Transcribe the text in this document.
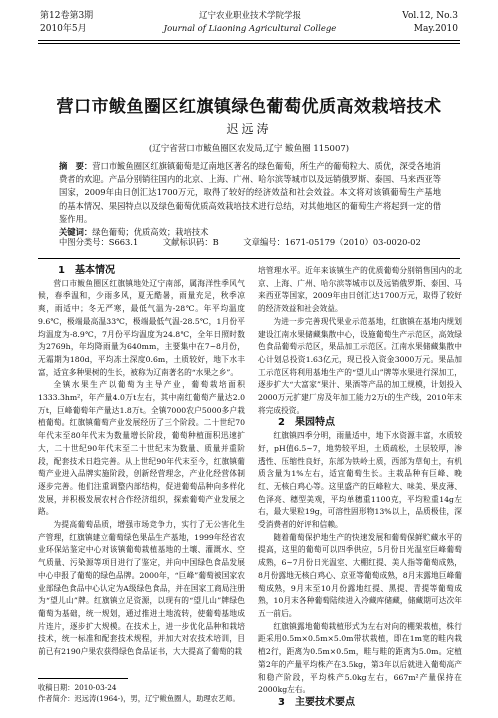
第12卷第3期
2010年5月
辽宁农业职业技术学院学报
Journal of Liaoning Agricultural College
Vol.12, No.3
May.2010
营口市鲅鱼圈区红旗镇绿色葡萄优质高效栽培技术
迟远涛
(辽宁省营口市鲅鱼圈区农发局,辽宁 鲅鱼圈 115007)
摘　要：营口市鲅鱼圈区红旗镇葡萄是辽南地区著名的绿色葡萄，所生产的葡萄粒大、质优，深受各地消费者的欢迎。产品分别销往国内的北京、上海、广州、哈尔滨等城市以及远销俄罗斯、泰国、马来西亚等国家，2009年由日创汇达1700万元，取得了较好的经济效益和社会效益。本文将对该镇葡萄生产基地的基本情况、果园特点以及绿色葡萄优质高效栽培技术进行总结，对其他地区的葡萄生产将起到一定的借鉴作用。
关键词：绿色葡萄；优质高效；栽培技术
中图分类号：S663.1	文献标识码：B	文章编号：1671-05179（2010）03-0020-02

1　基本情况

营口市鲅鱼圈区红旗镇地处辽宁南部，属海洋性季风气候，春季温和，少雨多风，夏无酷暑，雨量充足，秋季凉爽，雨适中；冬无严寒，最低气温为-28℃。年平均温度9.6℃，极端最高温33℃，极端最低气温-28.5℃，1月份平均温度为-8.9℃，7月份平均温度为24.8℃，全年日照时数为2769h，年均降雨量为640mm，主要集中在7~8月份，无霜期为180d，平均冻土深度0.6m，土质较好，地下水丰富，适宜多种果树的生长，被称为辽南著名的“水果之乡”。

全镇水果生产以葡萄为主导产业，葡萄栽培面积1333.3hm²，年产量4.0万t左右，其中南红葡萄产量达2.0万t，巨峰葡萄年产量达1.8万t。全镇7000农户5000多户栽植葡萄。红旗镇葡萄产业发展经历了三个阶段。二十世纪70年代末至80年代末为数量增长阶段，葡萄种植面积迅速扩大，二十世纪90年代末至二十世纪末为数量、质量并重阶段，配套技术日趋完善。从上世纪90年代末至今，红旗镇葡萄产业进入品牌实施阶段，创新经营理念，产业化经营体制逐步完善。他们注重调整内部结构，促进葡萄品种向多样化发展，并积极发展农村合作经济组织，探索葡萄产业发展之路。

为提高葡萄品质，增强市场竞争力，实行了无公害化生产管理，红旗镇建立葡萄绿色果品生产基地，1999年经省农业环保站鉴定中心对该镇葡萄栽植基地的土壤、灌溉水、空气质量、污染源等项目进行了鉴定，并向中国绿色食品发展中心申报了葡萄的绿色品牌。2000年，“巨峰”葡萄被国家农业部绿色食品中心认定为A级绿色食品，并在国家工商局注册为“望儿山”牌。红旗镇立足资源，以现有的“望儿山”牌绿色葡萄为基础，统一规划，通过推进土地流转，使葡萄基地成片连片，逐步扩大规模。在技术上，进一步优化品种和栽培技术，统一标准和配套技术规程，并加大对农技术培训，目前已有2190户果农获得绿色食品证书，大大提高了葡萄的栽

培管理水平。近年来该镇生产的优质葡萄分别销售国内的北京、上海、广州、哈尔滨等城市以及远销俄罗斯、泰国、马来西亚等国家，2009年由日创汇达1700万元，取得了较好的经济效益和社会效益。

为进一步完善现代果业示范基地，红旗镇在基地内规划建设江南水果储藏集散中心，设施葡萄生产示范区，高效绿色食品葡萄示范区，果品加工示范区。江南水果储藏集散中心计划总投资1.63亿元，现已投入资金3000万元。果品加工示范区将利用基地生产的“望儿山”牌等水果进行深加工，逐步扩大“大富家”果汁、果酒等产品的加工规模，计划投入2000万元扩建厂房及年加工能力2万t的生产线，2010年末将完成投资。

2　果园特点

红旗镇四季分明，雨量适中，地下水资源丰富，水质较好，pH值6.5~7，地势较平坦，土质疏松，土层较厚，渗透性、压缩性良好，东部为铁岭土质，西部为草甸土，有机质含量为1%左右，适宜葡萄生长。主栽品种有巨峰、晚红、无核白鸡心等。这里盛产的巨峰粒大、味美、果皮薄、色泽亮、穗型美观，平均单穗重1100克，平均粒重14g左右，最大果粒19g，可溶性固形物13%以上，品质极佳，深受消费者的好评和信赖。

随着葡萄保护地生产的快速发展和葡萄保鲜贮藏水平的提高，这里的葡萄可以四季供应，5月份日光温室巨峰葡萄成熟，6~7月份日光温室、大棚红提、美人指等葡萄成熟，8月份露地无核白鸡心、京亚等葡萄成熟，8月末露地巨峰葡萄成熟，9月末至10月份露地红提、黑提、青提等葡萄成熟，10月末各种葡萄陆续进入冷藏库储藏，储藏期可达次年五一前后。

红旗镇露地葡萄栽植形式为左右对向的棚架栽植，株行距采用0.5m×0.5m×5.0m带状栽植，即在1m宽的畦内栽植2行，距离为0.5m×0.5m，畦与畦的距离为5.0m。定植第2年的产量平均株产在3.5kg，第3年以后就进入葡萄高产和稳产阶段，平均株产5.0kg左右，667m²产量保持在2000kg左右。

3　主要技术要点

收稿日期：2010-03-24
作者简介：迟远涛(1964-)，男，辽宁鲅鱼圈人，助理农艺师。
